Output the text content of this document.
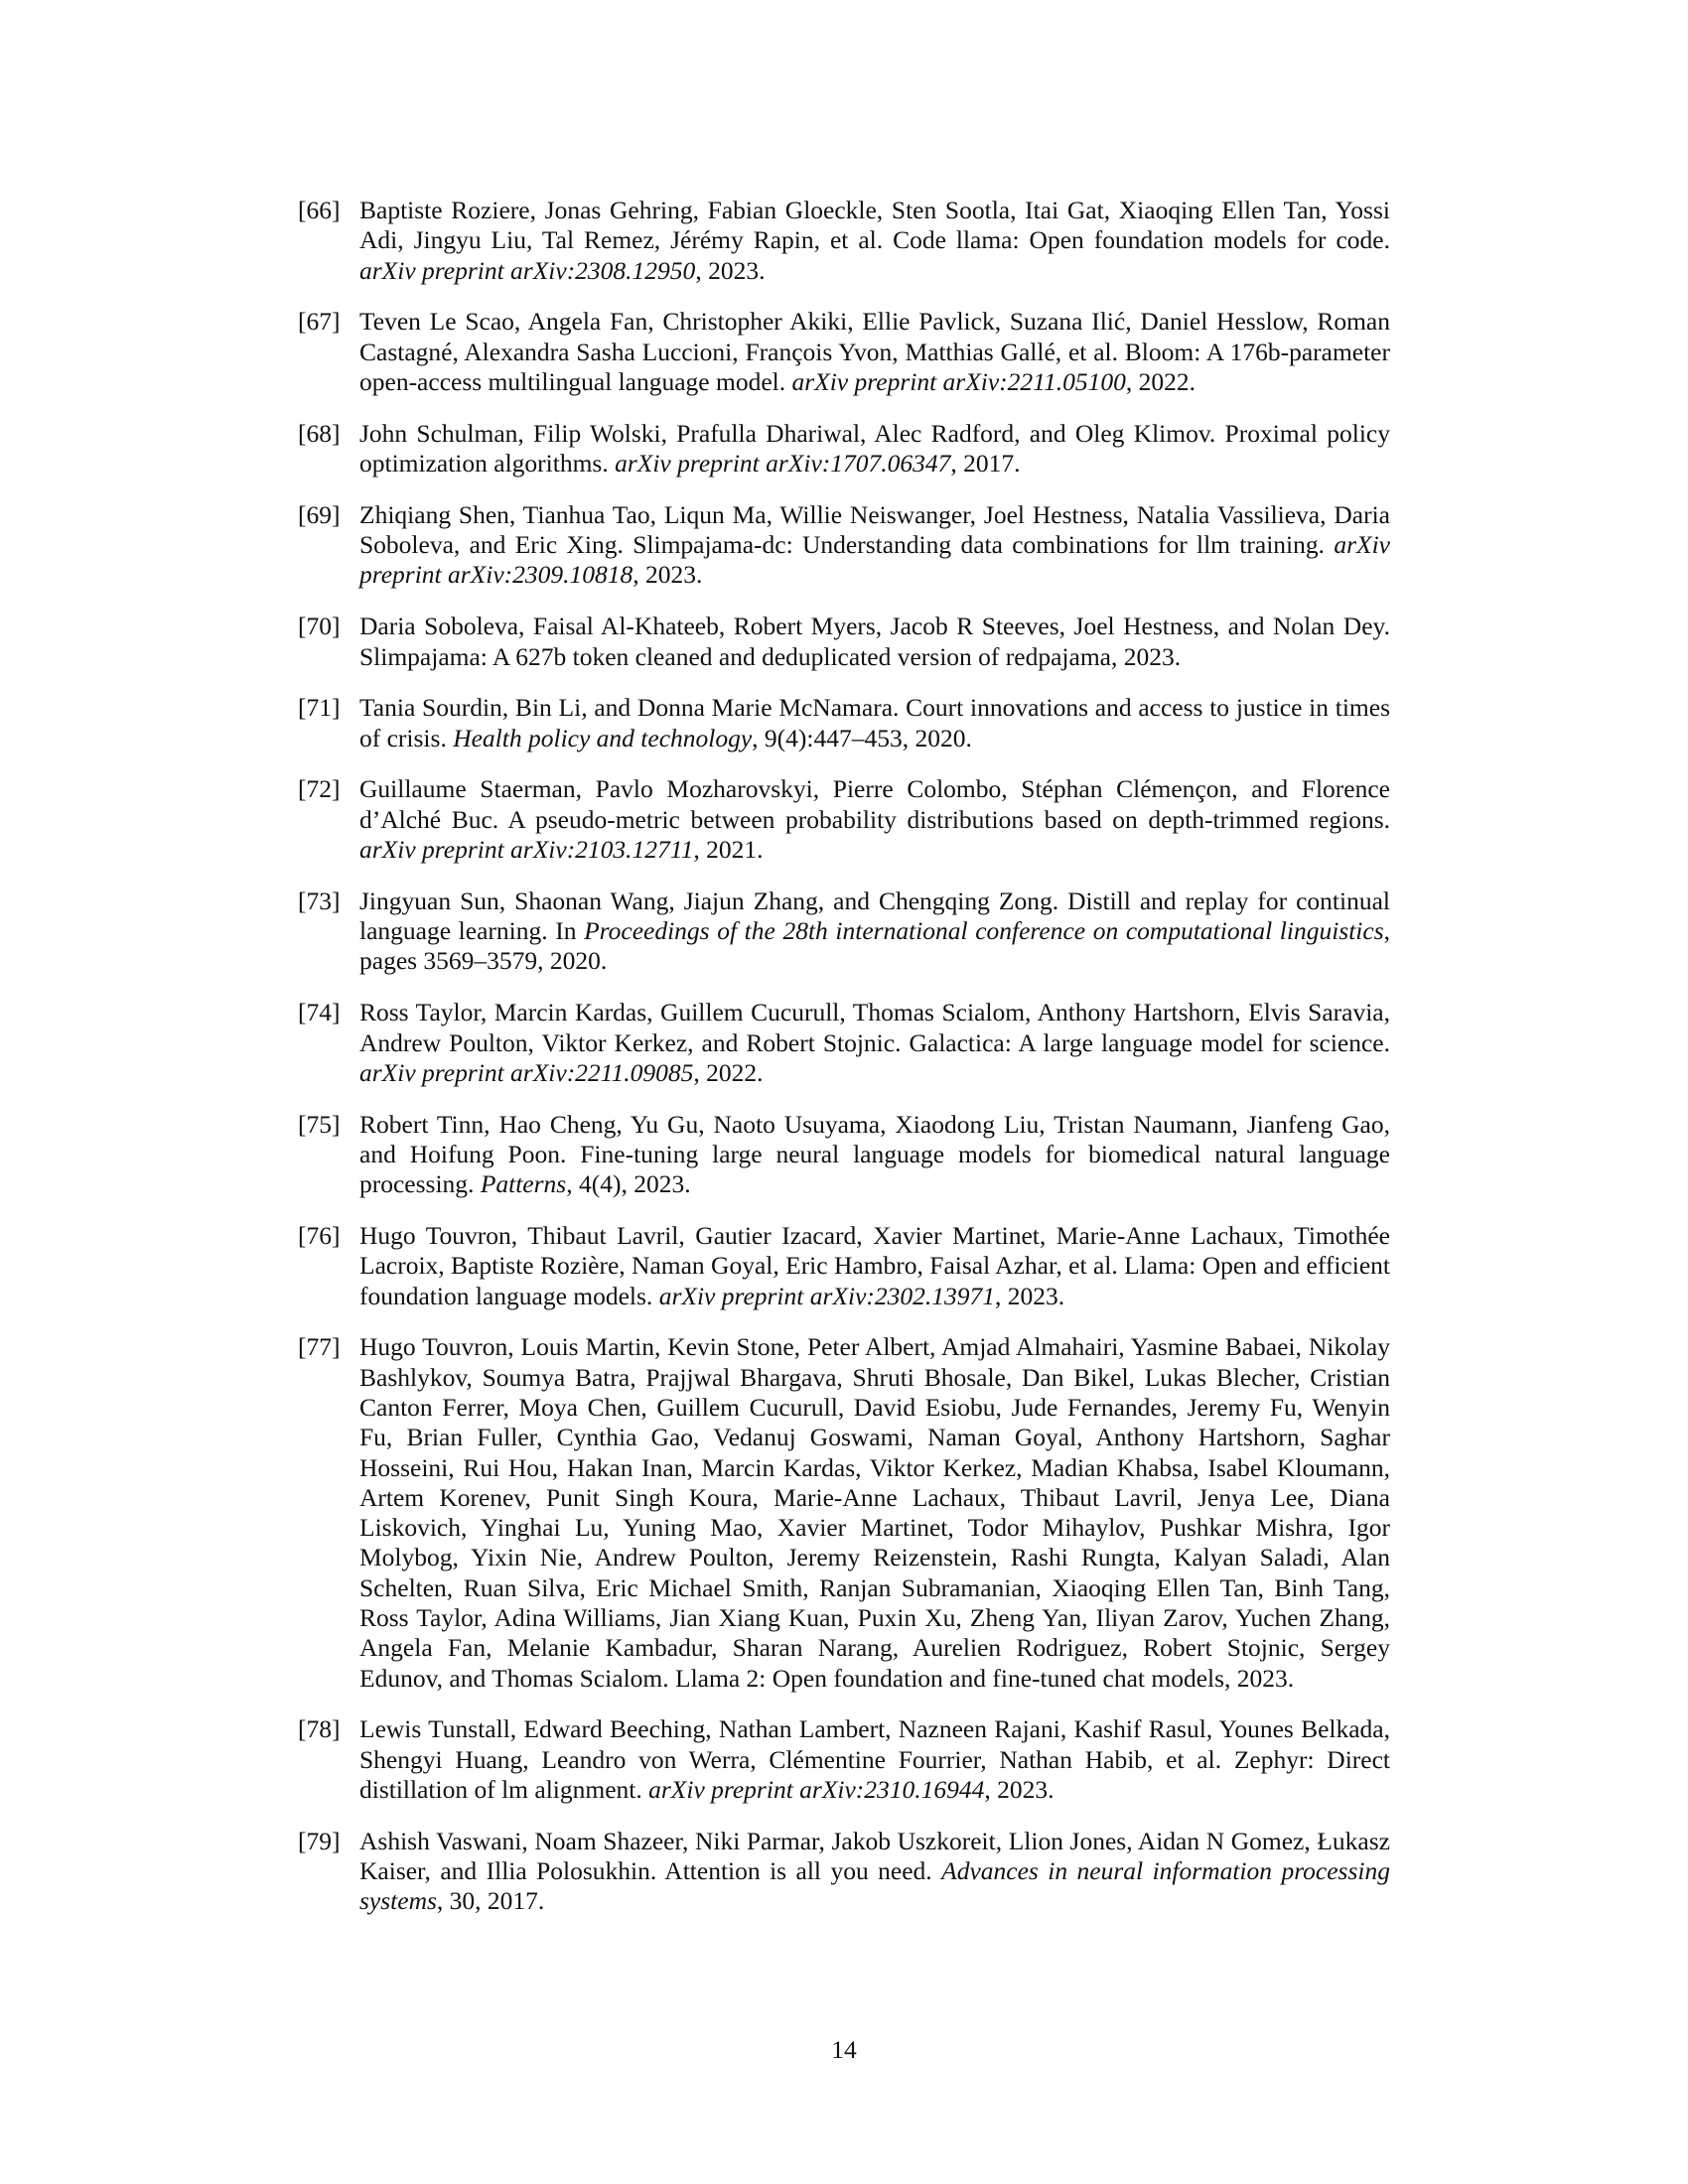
[66] Baptiste Roziere, Jonas Gehring, Fabian Gloeckle, Sten Sootla, Itai Gat, Xiaoqing Ellen Tan, Yossi Adi, Jingyu Liu, Tal Remez, Jérémy Rapin, et al. Code llama: Open foundation models for code. arXiv preprint arXiv:2308.12950, 2023.
[67] Teven Le Scao, Angela Fan, Christopher Akiki, Ellie Pavlick, Suzana Ilić, Daniel Hesslow, Roman Castagné, Alexandra Sasha Luccioni, François Yvon, Matthias Gallé, et al. Bloom: A 176b-parameter open-access multilingual language model. arXiv preprint arXiv:2211.05100, 2022.
[68] John Schulman, Filip Wolski, Prafulla Dhariwal, Alec Radford, and Oleg Klimov. Proximal policy optimization algorithms. arXiv preprint arXiv:1707.06347, 2017.
[69] Zhiqiang Shen, Tianhua Tao, Liqun Ma, Willie Neiswanger, Joel Hestness, Natalia Vassilieva, Daria Soboleva, and Eric Xing. Slimpajama-dc: Understanding data combinations for llm training. arXiv preprint arXiv:2309.10818, 2023.
[70] Daria Soboleva, Faisal Al-Khateeb, Robert Myers, Jacob R Steeves, Joel Hestness, and Nolan Dey. Slimpajama: A 627b token cleaned and deduplicated version of redpajama, 2023.
[71] Tania Sourdin, Bin Li, and Donna Marie McNamara. Court innovations and access to justice in times of crisis. Health policy and technology, 9(4):447–453, 2020.
[72] Guillaume Staerman, Pavlo Mozharovskyi, Pierre Colombo, Stéphan Clémençon, and Florence d’Alché Buc. A pseudo-metric between probability distributions based on depth-trimmed regions. arXiv preprint arXiv:2103.12711, 2021.
[73] Jingyuan Sun, Shaonan Wang, Jiajun Zhang, and Chengqing Zong. Distill and replay for continual language learning. In Proceedings of the 28th international conference on computational linguistics, pages 3569–3579, 2020.
[74] Ross Taylor, Marcin Kardas, Guillem Cucurull, Thomas Scialom, Anthony Hartshorn, Elvis Saravia, Andrew Poulton, Viktor Kerkez, and Robert Stojnic. Galactica: A large language model for science. arXiv preprint arXiv:2211.09085, 2022.
[75] Robert Tinn, Hao Cheng, Yu Gu, Naoto Usuyama, Xiaodong Liu, Tristan Naumann, Jianfeng Gao, and Hoifung Poon. Fine-tuning large neural language models for biomedical natural language processing. Patterns, 4(4), 2023.
[76] Hugo Touvron, Thibaut Lavril, Gautier Izacard, Xavier Martinet, Marie-Anne Lachaux, Timothée Lacroix, Baptiste Rozière, Naman Goyal, Eric Hambro, Faisal Azhar, et al. Llama: Open and efficient foundation language models. arXiv preprint arXiv:2302.13971, 2023.
[77] Hugo Touvron, Louis Martin, Kevin Stone, Peter Albert, Amjad Almahairi, Yasmine Babaei, Nikolay Bashlykov, Soumya Batra, Prajjwal Bhargava, Shruti Bhosale, Dan Bikel, Lukas Blecher, Cristian Canton Ferrer, Moya Chen, Guillem Cucurull, David Esiobu, Jude Fernandes, Jeremy Fu, Wenyin Fu, Brian Fuller, Cynthia Gao, Vedanuj Goswami, Naman Goyal, Anthony Hartshorn, Saghar Hosseini, Rui Hou, Hakan Inan, Marcin Kardas, Viktor Kerkez, Madian Khabsa, Isabel Kloumann, Artem Korenev, Punit Singh Koura, Marie-Anne Lachaux, Thibaut Lavril, Jenya Lee, Diana Liskovich, Yinghai Lu, Yuning Mao, Xavier Martinet, Todor Mihaylov, Pushkar Mishra, Igor Molybog, Yixin Nie, Andrew Poulton, Jeremy Reizenstein, Rashi Rungta, Kalyan Saladi, Alan Schelten, Ruan Silva, Eric Michael Smith, Ranjan Subramanian, Xiaoqing Ellen Tan, Binh Tang, Ross Taylor, Adina Williams, Jian Xiang Kuan, Puxin Xu, Zheng Yan, Iliyan Zarov, Yuchen Zhang, Angela Fan, Melanie Kambadur, Sharan Narang, Aurelien Rodriguez, Robert Stojnic, Sergey Edunov, and Thomas Scialom. Llama 2: Open foundation and fine-tuned chat models, 2023.
[78] Lewis Tunstall, Edward Beeching, Nathan Lambert, Nazneen Rajani, Kashif Rasul, Younes Belkada, Shengyi Huang, Leandro von Werra, Clémentine Fourrier, Nathan Habib, et al. Zephyr: Direct distillation of lm alignment. arXiv preprint arXiv:2310.16944, 2023.
[79] Ashish Vaswani, Noam Shazeer, Niki Parmar, Jakob Uszkoreit, Llion Jones, Aidan N Gomez, Łukasz Kaiser, and Illia Polosukhin. Attention is all you need. Advances in neural information processing systems, 30, 2017.
14
